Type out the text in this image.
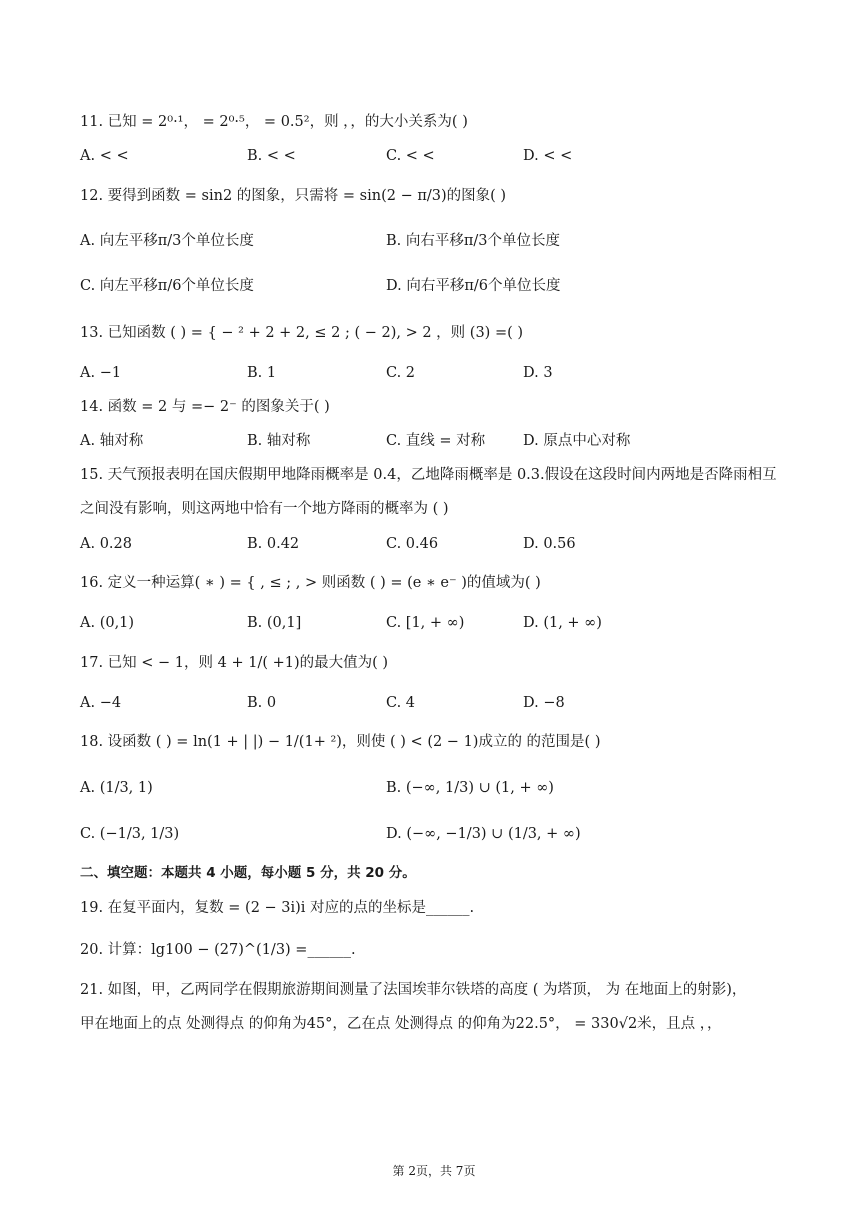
11. 已知 = 2⁰·¹， = 2⁰·⁵， = 0.5²，则 ，，的大小关系为( )
A. < <	B. < <	C. < <	D. < <
12. 要得到函数 = sin2 的图象，只需将 = sin(2 − π/3)的图象( )
A. 向左平移π/3个单位长度	B. 向右平移π/3个单位长度
C. 向左平移π/6个单位长度	D. 向右平移π/6个单位长度
13. 已知函数 ( ) = { − ² + 2 + 2, ≤ 2 ; ( − 2), > 2 ，则 (3) =( )
A. −1	B. 1	C. 2	D. 3
14. 函数 = 2 与 =− 2⁻ 的图象关于( )
A. 轴对称	B. 轴对称	C. 直线 = 对称	D. 原点中心对称
15. 天气预报表明在国庆假期甲地降雨概率是 0.4，乙地降雨概率是 0.3.假设在这段时间内两地是否降雨相互
之间没有影响，则这两地中恰有一个地方降雨的概率为 ( )
A. 0.28	B. 0.42	C. 0.46	D. 0.56
16. 定义一种运算( ∗ ) = { , ≤ ; , > 则函数 ( ) = (e ∗ e⁻ )的值域为( )
A. (0,1)	B. (0,1]	C. [1, + ∞)	D. (1, + ∞)
17. 已知 < − 1，则 4 + 1/( +1)的最大值为( )
A. −4	B. 0	C. 4	D. −8
18. 设函数 ( ) = ln(1 + | |) − 1/(1+ ²)，则使 ( ) < (2 − 1)成立的 的范围是( )
A. (1/3, 1)	B. (−∞, 1/3) ∪ (1, + ∞)
C. (−1/3, 1/3)	D. (−∞, −1/3) ∪ (1/3, + ∞)
二、填空题：本题共 4 小题，每小题 5 分，共 20 分。
19. 在复平面内，复数 = (2 − 3i)i 对应的点的坐标是______.
20. 计算：lg100 − (27)^(1/3) =______.
21. 如图，甲，乙两同学在假期旅游期间测量了法国埃菲尔铁塔的高度 ( 为塔顶， 为 在地面上的射影)，
甲在地面上的点 处测得点 的仰角为45°，乙在点 处测得点 的仰角为22.5°， = 330√2米，且点 ，，
第 2页，共 7页
